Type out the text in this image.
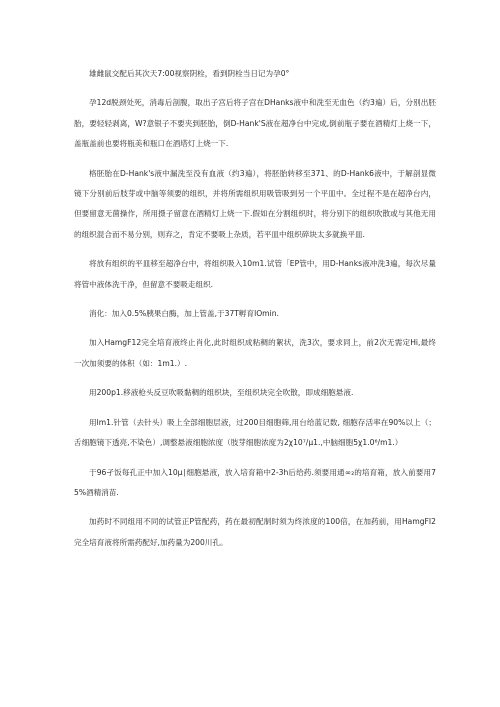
雄雌鼠交配后其次天7:00视察阴栓，看到阴栓当日记为孕0°

孕12d脱颈处死，消毒后剖腹，取出子宫后将子宫在DHanks液中和洗至无血色（约3遍）后，分别出胚胎，要轻轻剥离，W?意银子不要夹到胚胎，倒D-Hank'S液在超净台中完成,倒前瓶子要在酒精灯上烧一下，盖瓶盖前也要将瓶美和瓶口在酒塔灯上烧一下.

格胚胎在D-Hank's液中漏洗至没有血液（约3遍），将胚胎转移至371、的D-Hank6液中，于解剖显微镜下分别前后肢芽或中脑等须要的组织，并将所需组织用吸管吸到另一个平皿中。全过程不是在超净台内，但要留意无菌操作，所用摄子留意在酒精灯上烧一下.假如在分割组织时，将分别下的组织吹散或与其他无用的组织混合而不易分别，则弃之，肯定不要吸上杂质，若平皿中组织碎块太多就换平皿.

将放有组织的平皿移至超净台中，将组织吸入10m1.试管「EP管中，用D-Hanks液冲洗3遍，每次尽量将管中液体洗干净，但留意不要吸走组织.

消化：加入0.5%胰果白酶，加上管盖,于37T孵育lOmin.

加入HamgF12完全培育液终止肖化,此时组织成粘稠的絮状，洗3次，要求同上，前2次无需定Hi,最终一次加须要的体积（如：1m1.）.

用200p1.移液枪头反豆吹吸黏稠的组织块，至组织块完全吹散，即成细胞悬液.

用lm1.针管（去针头）吸上全部细胞层液，过200目细胞筛,用台给蓝记数, 细胞存活率在90%以上（；舌细胞镜下透亮,不染色）,调整悬液细胞浓度（肢芽细胞浓度为2χ10⁷/μ1.,中脑细胞5χ1.0⁶/m1.）

于96孑饭每孔正中加入10μ∣细胞悬液，放入培育箱中2-3h后给药.须要用通∞₂的培育箱，放入前要用75%酒精消苗.

加药时不同组用不同的试管正P管配药，药在最初配制时须为终浓度的100倍，在加药前，用HamgFI2完全培育液将所需药配好,加药量为200川孔。
